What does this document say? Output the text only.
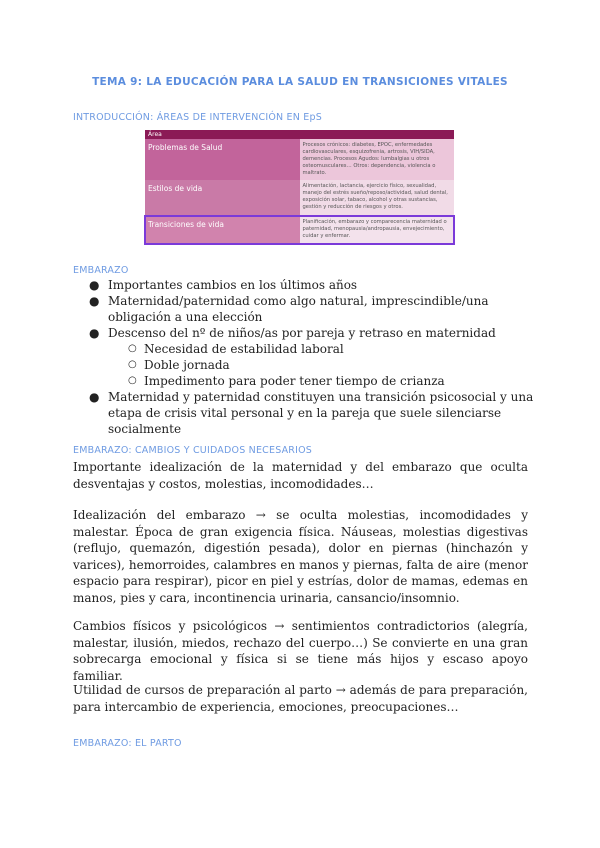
TEMA 9: LA EDUCACIÓN PARA LA SALUD EN TRANSICIONES VITALES
INTRODUCCIÓN: ÁREAS DE INTERVENCIÓN EN EpS
Área	
Problemas de Salud	Procesos crónicos: diabetes, EPOC, enfermedades cardiovasculares, esquizofrenia, artrosis, VIH/SIDA, demencias. Procesos Agudos: lumbalgias u otros osteomusculares… Otros: dependencia, violencia o maltrato.
Estilos de vida	Alimentación, lactancia, ejercicio físico, sexualidad, manejo del estrés sueño/reposo/actividad, salud dental, exposición solar, tabaco, alcohol y otras sustancias, gestión y reducción de riesgos y otros.
Transiciones de vida	Planificación, embarazo y comparecencia maternidad o paternidad, menopausia/andropausia, envejecimiento, cuidar y enfermar.
EMBARAZO
● Importantes cambios en los últimos años
● Maternidad/paternidad como algo natural, imprescindible/una obligación a una elección
● Descenso del nº de niños/as por pareja y retraso en maternidad
○ Necesidad de estabilidad laboral
○ Doble jornada
○ Impedimento para poder tener tiempo de crianza
● Maternidad y paternidad constituyen una transición psicosocial y una etapa de crisis vital personal y en la pareja que suele silenciarse socialmente
EMBARAZO: CAMBIOS Y CUIDADOS NECESARIOS
Importante idealización de la maternidad y del embarazo que oculta desventajas y costos, molestias, incomodidades…
Idealización del embarazo → se oculta molestias, incomodidades y malestar. Época de gran exigencia física. Náuseas, molestias digestivas (reflujo, quemazón, digestión pesada), dolor en piernas (hinchazón y varices), hemorroides, calambres en manos y piernas, falta de aire (menor espacio para respirar), picor en piel y estrías, dolor de mamas, edemas en manos, pies y cara, incontinencia urinaria, cansancio/insomnio.
Cambios físicos y psicológicos → sentimientos contradictorios (alegría, malestar, ilusión, miedos, rechazo del cuerpo…) Se convierte en una gran sobrecarga emocional y física si se tiene más hijos y escaso apoyo familiar.
Utilidad de cursos de preparación al parto → además de para preparación, para intercambio de experiencia, emociones, preocupaciones…
EMBARAZO: EL PARTO
